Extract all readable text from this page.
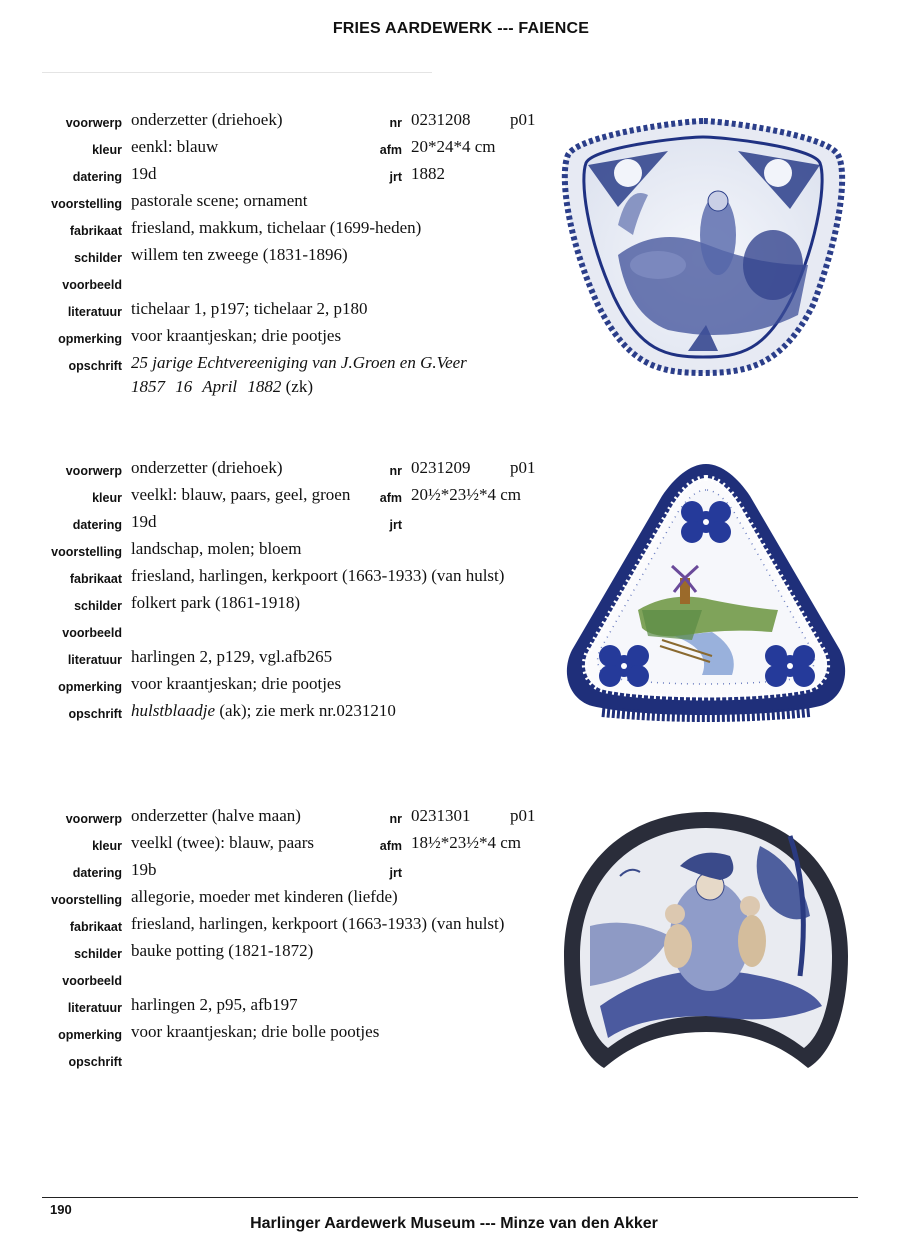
FRIES AARDEWERK --- FAIENCE
voorwerp onderzetter (driehoek)	nr 0231208 p01
kleur eenkl: blauw	afm 20*24*4 cm
datering 19d	jrt 1882
voorstelling pastorale scene; ornament
fabrikaat friesland, makkum, tichelaar (1699-heden)
schilder willem ten zweege (1831-1896)
voorbeeld
literatuur tichelaar 1, p197; tichelaar 2, p180
opmerking voor kraantjeskan; drie pootjes
opschrift 25 jarige Echtvereeniging van J.Groen en G.Veer
1857 16 April 1882 (zk)
voorwerp onderzetter (driehoek)	nr 0231209 p01
kleur veelkl: blauw, paars, geel, groen afm 20½*23½*4 cm
datering 19d	jrt
voorstelling landschap, molen; bloem
fabrikaat friesland, harlingen, kerkpoort (1663-1933) (van hulst)
schilder folkert park (1861-1918)
voorbeeld
literatuur harlingen 2, p129, vgl.afb265
opmerking voor kraantjeskan; drie pootjes
opschrift hulstblaadje (ak); zie merk nr.0231210
voorwerp onderzetter (halve maan)	nr 0231301 p01
kleur veelkl (twee): blauw, paars	afm 18½*23½*4 cm
datering 19b	jrt
voorstelling allegorie, moeder met kinderen (liefde)
fabrikaat friesland, harlingen, kerkpoort (1663-1933) (van hulst)
schilder bauke potting (1821-1872)
voorbeeld
literatuur harlingen 2, p95, afb197
opmerking voor kraantjeskan; drie bolle pootjes
opschrift
190
Harlinger Aardewerk Museum --- Minze van den Akker
